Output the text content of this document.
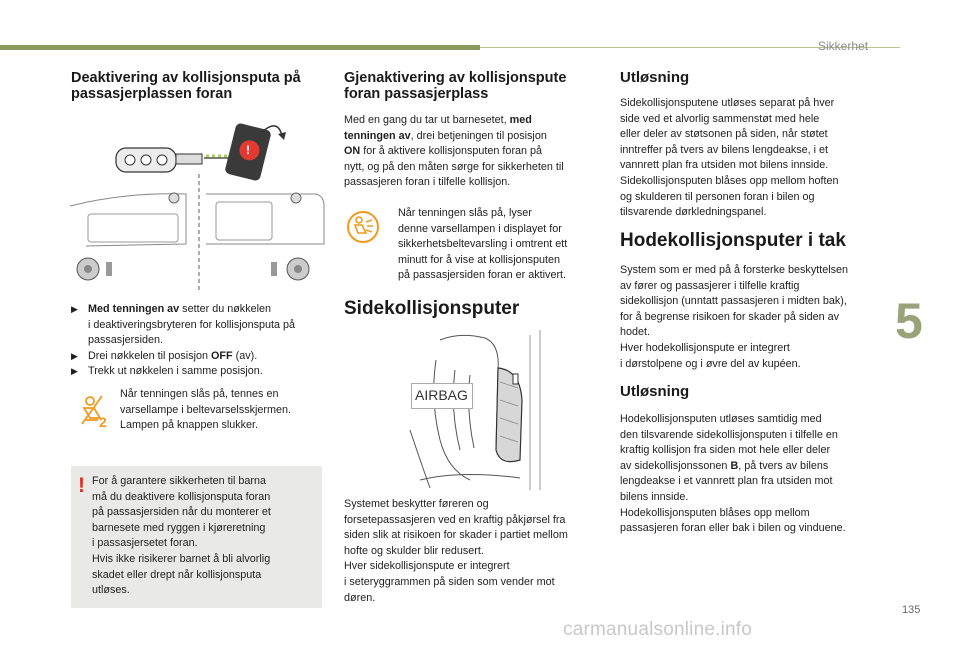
Sikkerhet
5
135
carmanualsonline.info
Deaktivering av kollisjonsputa på
passasjerplassen foran
!
▶ Med tenningen av setter du nøkkelen
i deaktiveringsbryteren for kollisjonsputa på
passasjersiden.
▶ Drei nøkkelen til posisjon OFF (av).
▶ Trekk ut nøkkelen i samme posisjon.
2

Når tenningen slås på, tennes en

varsellampe i beltevarselsskjermen.

Lampen på knappen slukker.

! For å garantere sikkerheten til barna

må du deaktivere kollisjonsputa foran

på passasjersiden når du monterer et

barnesete med ryggen i kjøreretning

i passasjersetet foran.

Hvis ikke risikerer barnet å bli alvorlig

skadet eller drept når kollisjonsputa

utløses.

Gjenaktivering av kollisjonspute
foran passasjerplass

Med en gang du tar ut barnesetet, med

tenningen av, drei betjeningen til posisjon

ON for å aktivere kollisjonsputen foran på

nytt, og på den måten sørge for sikkerheten til

passasjeren foran i tilfelle kollisjon.

Når tenningen slås på, lyser

denne varsellampen i displayet for

sikkerhetsbeltevarsling i omtrent ett

minutt for å vise at kollisjonsputen

på passasjersiden foran er aktivert.

Sidekollisjonsputer
AIRBAG

Systemet beskytter føreren og

forsetepassasjeren ved en kraftig påkjørsel fra

siden slik at risikoen for skader i partiet mellom

hofte og skulder blir redusert.

Hver sidekollisjonspute er integrert

i seteryggrammen på siden som vender mot

døren.

Utløsning

Sidekollisjonsputene utløses separat på hver

side ved et alvorlig sammenstøt med hele

eller deler av støtsonen på siden, når støtet

inntreffer på tvers av bilens lengdeakse, i et

vannrett plan fra utsiden mot bilens innside.

Sidekollisjonsputen blåses opp mellom hoften

og skulderen til personen foran i bilen og

tilsvarende dørkledningspanel.

Hodekollisjonsputer i tak

System som er med på å forsterke beskyttelsen

av fører og passasjerer i tilfelle kraftig

sidekollisjon (unntatt passasjeren i midten bak),

for å begrense risikoen for skader på siden av

hodet.

Hver hodekollisjonspute er integrert

i dørstolpene og i øvre del av kupéen.

Utløsning

Hodekollisjonsputen utløses samtidig med

den tilsvarende sidekollisjonsputen i tilfelle en

kraftig kollisjon fra siden mot hele eller deler

av sidekollisjonssonen B, på tvers av bilens

lengdeakse i et vannrett plan fra utsiden mot

bilens innside.

Hodekollisjonsputen blåses opp mellom

passasjeren foran eller bak i bilen og vinduene.
